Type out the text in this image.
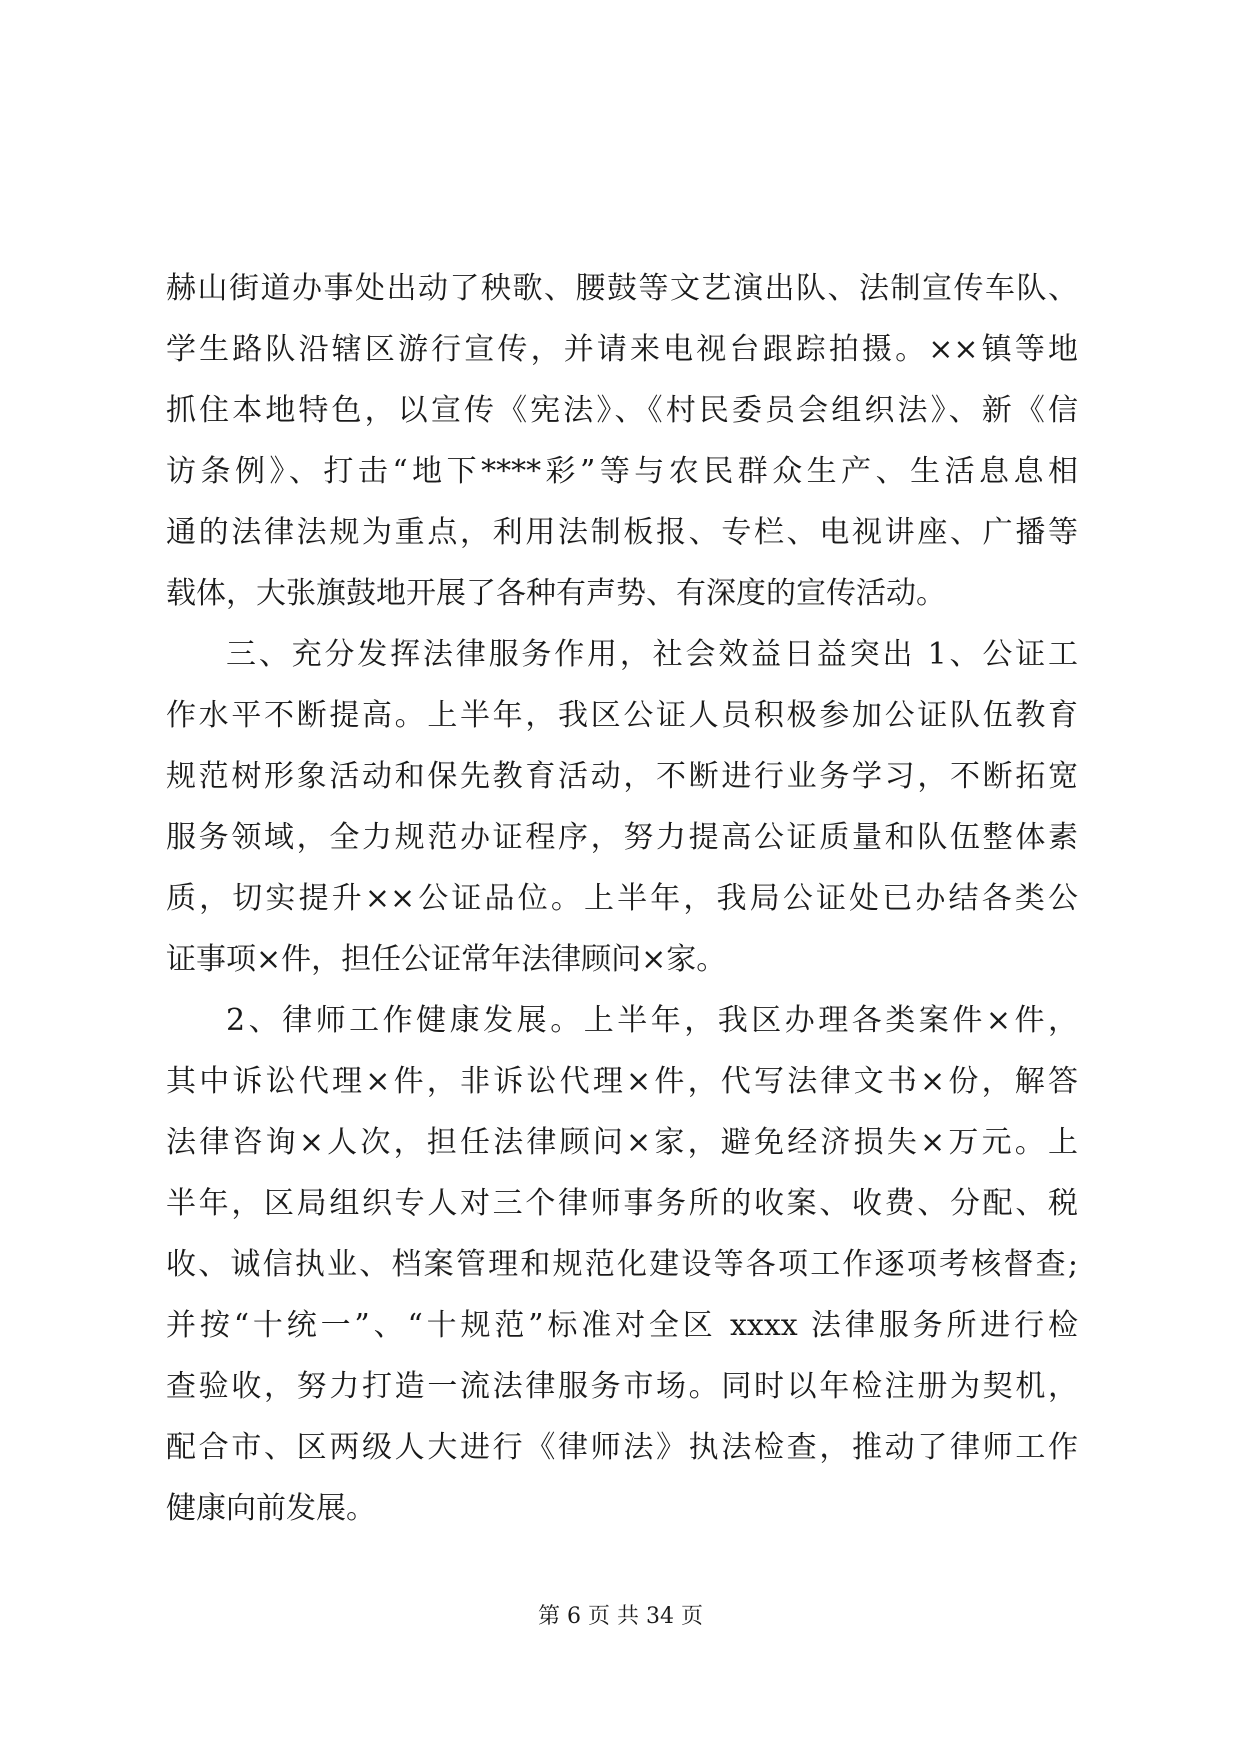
赫山街道办事处出动了秧歌、腰鼓等文艺演出队、法制宣传车队、
学生路队沿辖区游行宣传，并请来电视台跟踪拍摄。××镇等地
抓住本地特色，以宣传《宪法》、《村民委员会组织法》、新《信
访条例》、打击“地下****彩”等与农民群众生产、生活息息相
通的法律法规为重点，利用法制板报、专栏、电视讲座、广播等
载体，大张旗鼓地开展了各种有声势、有深度的宣传活动。
三、充分发挥法律服务作用，社会效益日益突出 1、公证工
作水平不断提高。上半年，我区公证人员积极参加公证队伍教育
规范树形象活动和保先教育活动，不断进行业务学习，不断拓宽
服务领域，全力规范办证程序，努力提高公证质量和队伍整体素
质，切实提升××公证品位。上半年，我局公证处已办结各类公
证事项×件，担任公证常年法律顾问×家。
2、律师工作健康发展。上半年，我区办理各类案件×件，
其中诉讼代理×件，非诉讼代理×件，代写法律文书×份，解答
法律咨询×人次，担任法律顾问×家，避免经济损失×万元。上
半年，区局组织专人对三个律师事务所的收案、收费、分配、税
收、诚信执业、档案管理和规范化建设等各项工作逐项考核督查;
并按“十统一”、“十规范”标准对全区 xxxx 法律服务所进行检
查验收，努力打造一流法律服务市场。同时以年检注册为契机，
配合市、区两级人大进行《律师法》执法检查，推动了律师工作
健康向前发展。
第 6 页 共 34 页
